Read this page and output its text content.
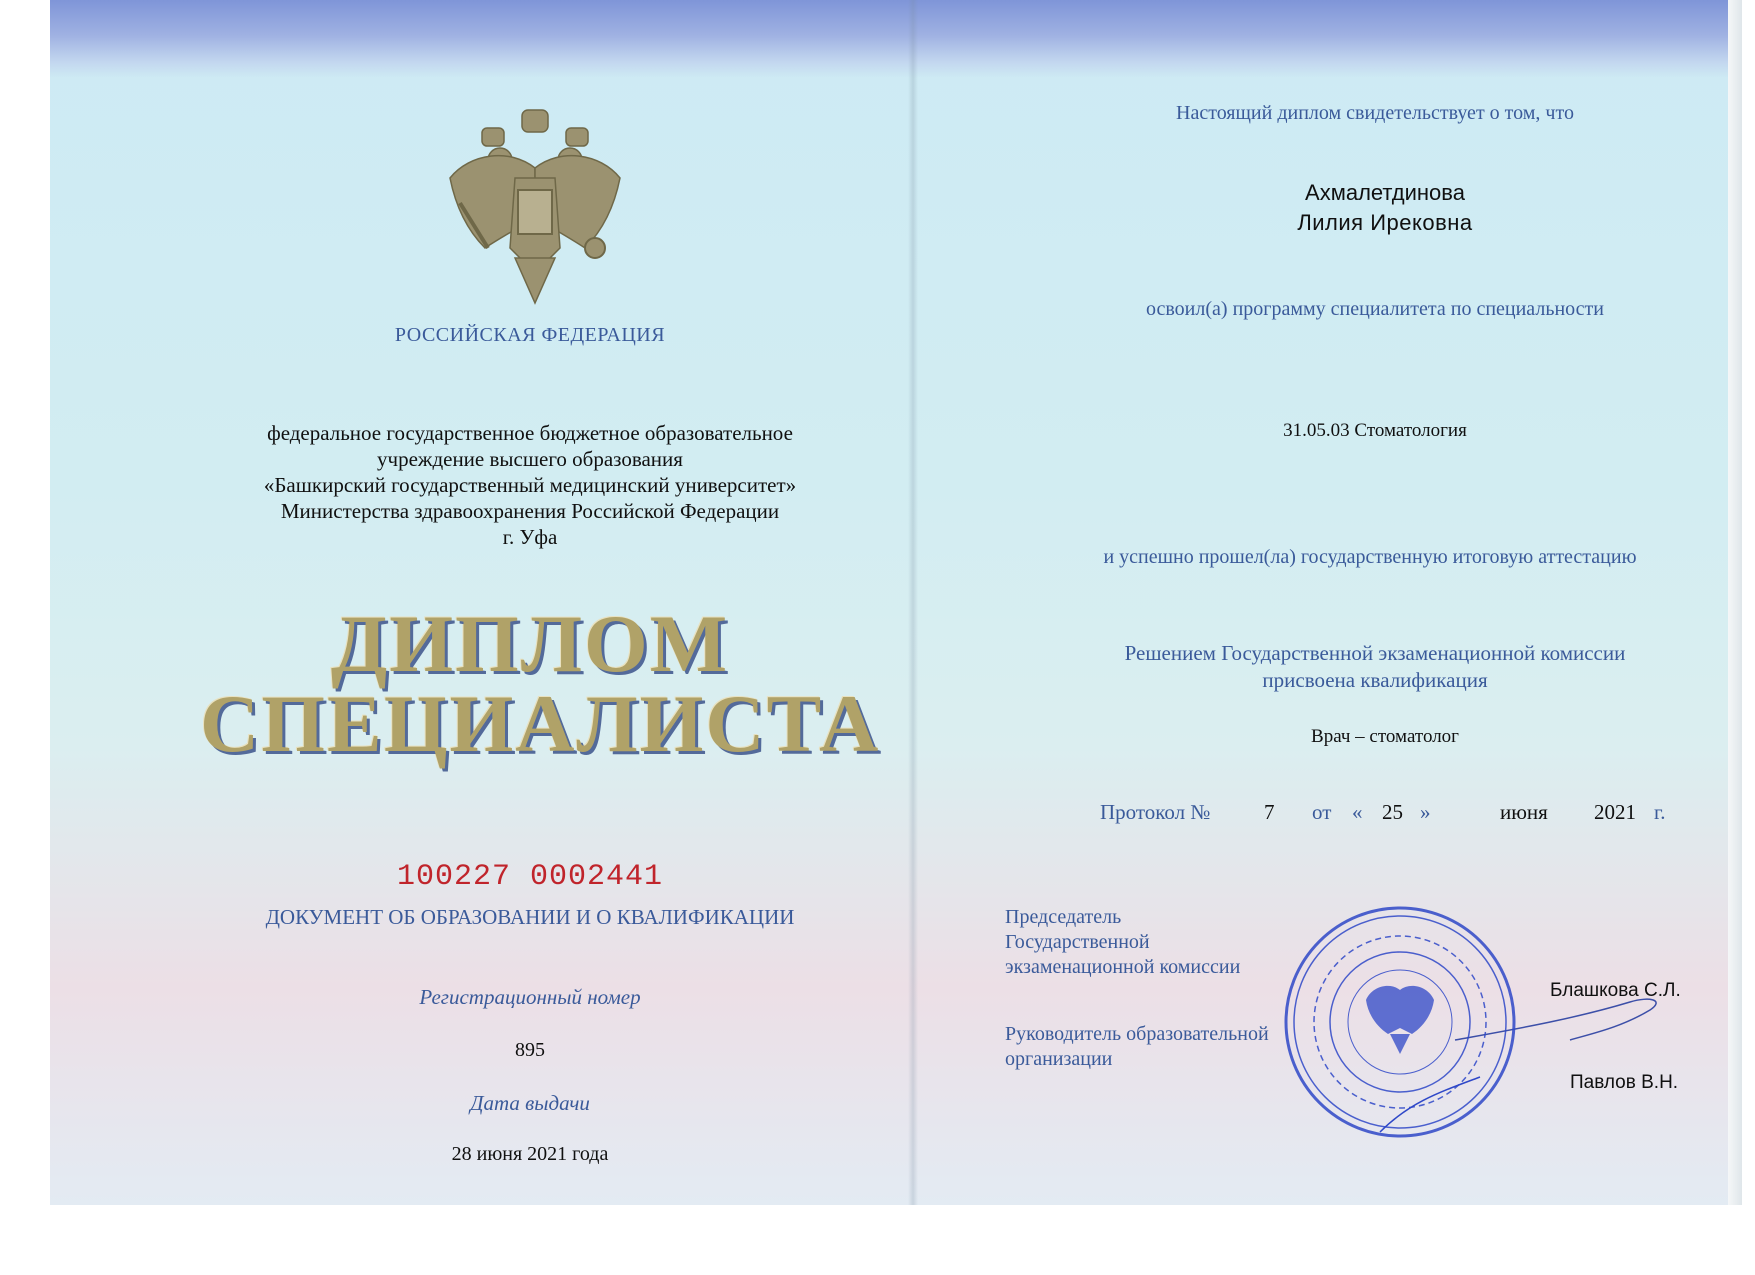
РОССИЙСКАЯ ФЕДЕРАЦИЯ
федеральное государственное бюджетное образовательное
учреждение высшего образования
«Башкирский государственный медицинский университет»
Министерства здравоохранения Российской Федерации
г. Уфа
ДИПЛОМ
СПЕЦИАЛИСТА
100227 0002441
ДОКУМЕНТ ОБ ОБРАЗОВАНИИ И О КВАЛИФИКАЦИИ
Регистрационный номер
895
Дата выдачи
28 июня 2021 года
Настоящий диплом свидетельствует о том, что
Ахмалетдинова
Лилия Ирековна
освоил(а) программу специалитета по специальности
31.05.03 Стоматология
и успешно прошел(ла) государственную итоговую аттестацию
Решением Государственной экзаменационной комиссии
присвоена квалификация
Врач – стоматолог
Протокол №	7 от « 25 »	июня 2021 г.
Председатель
Государственной
экзаменационной комиссии
Руководитель образовательной
организации
Блашкова С.Л.
Павлов В.Н.
